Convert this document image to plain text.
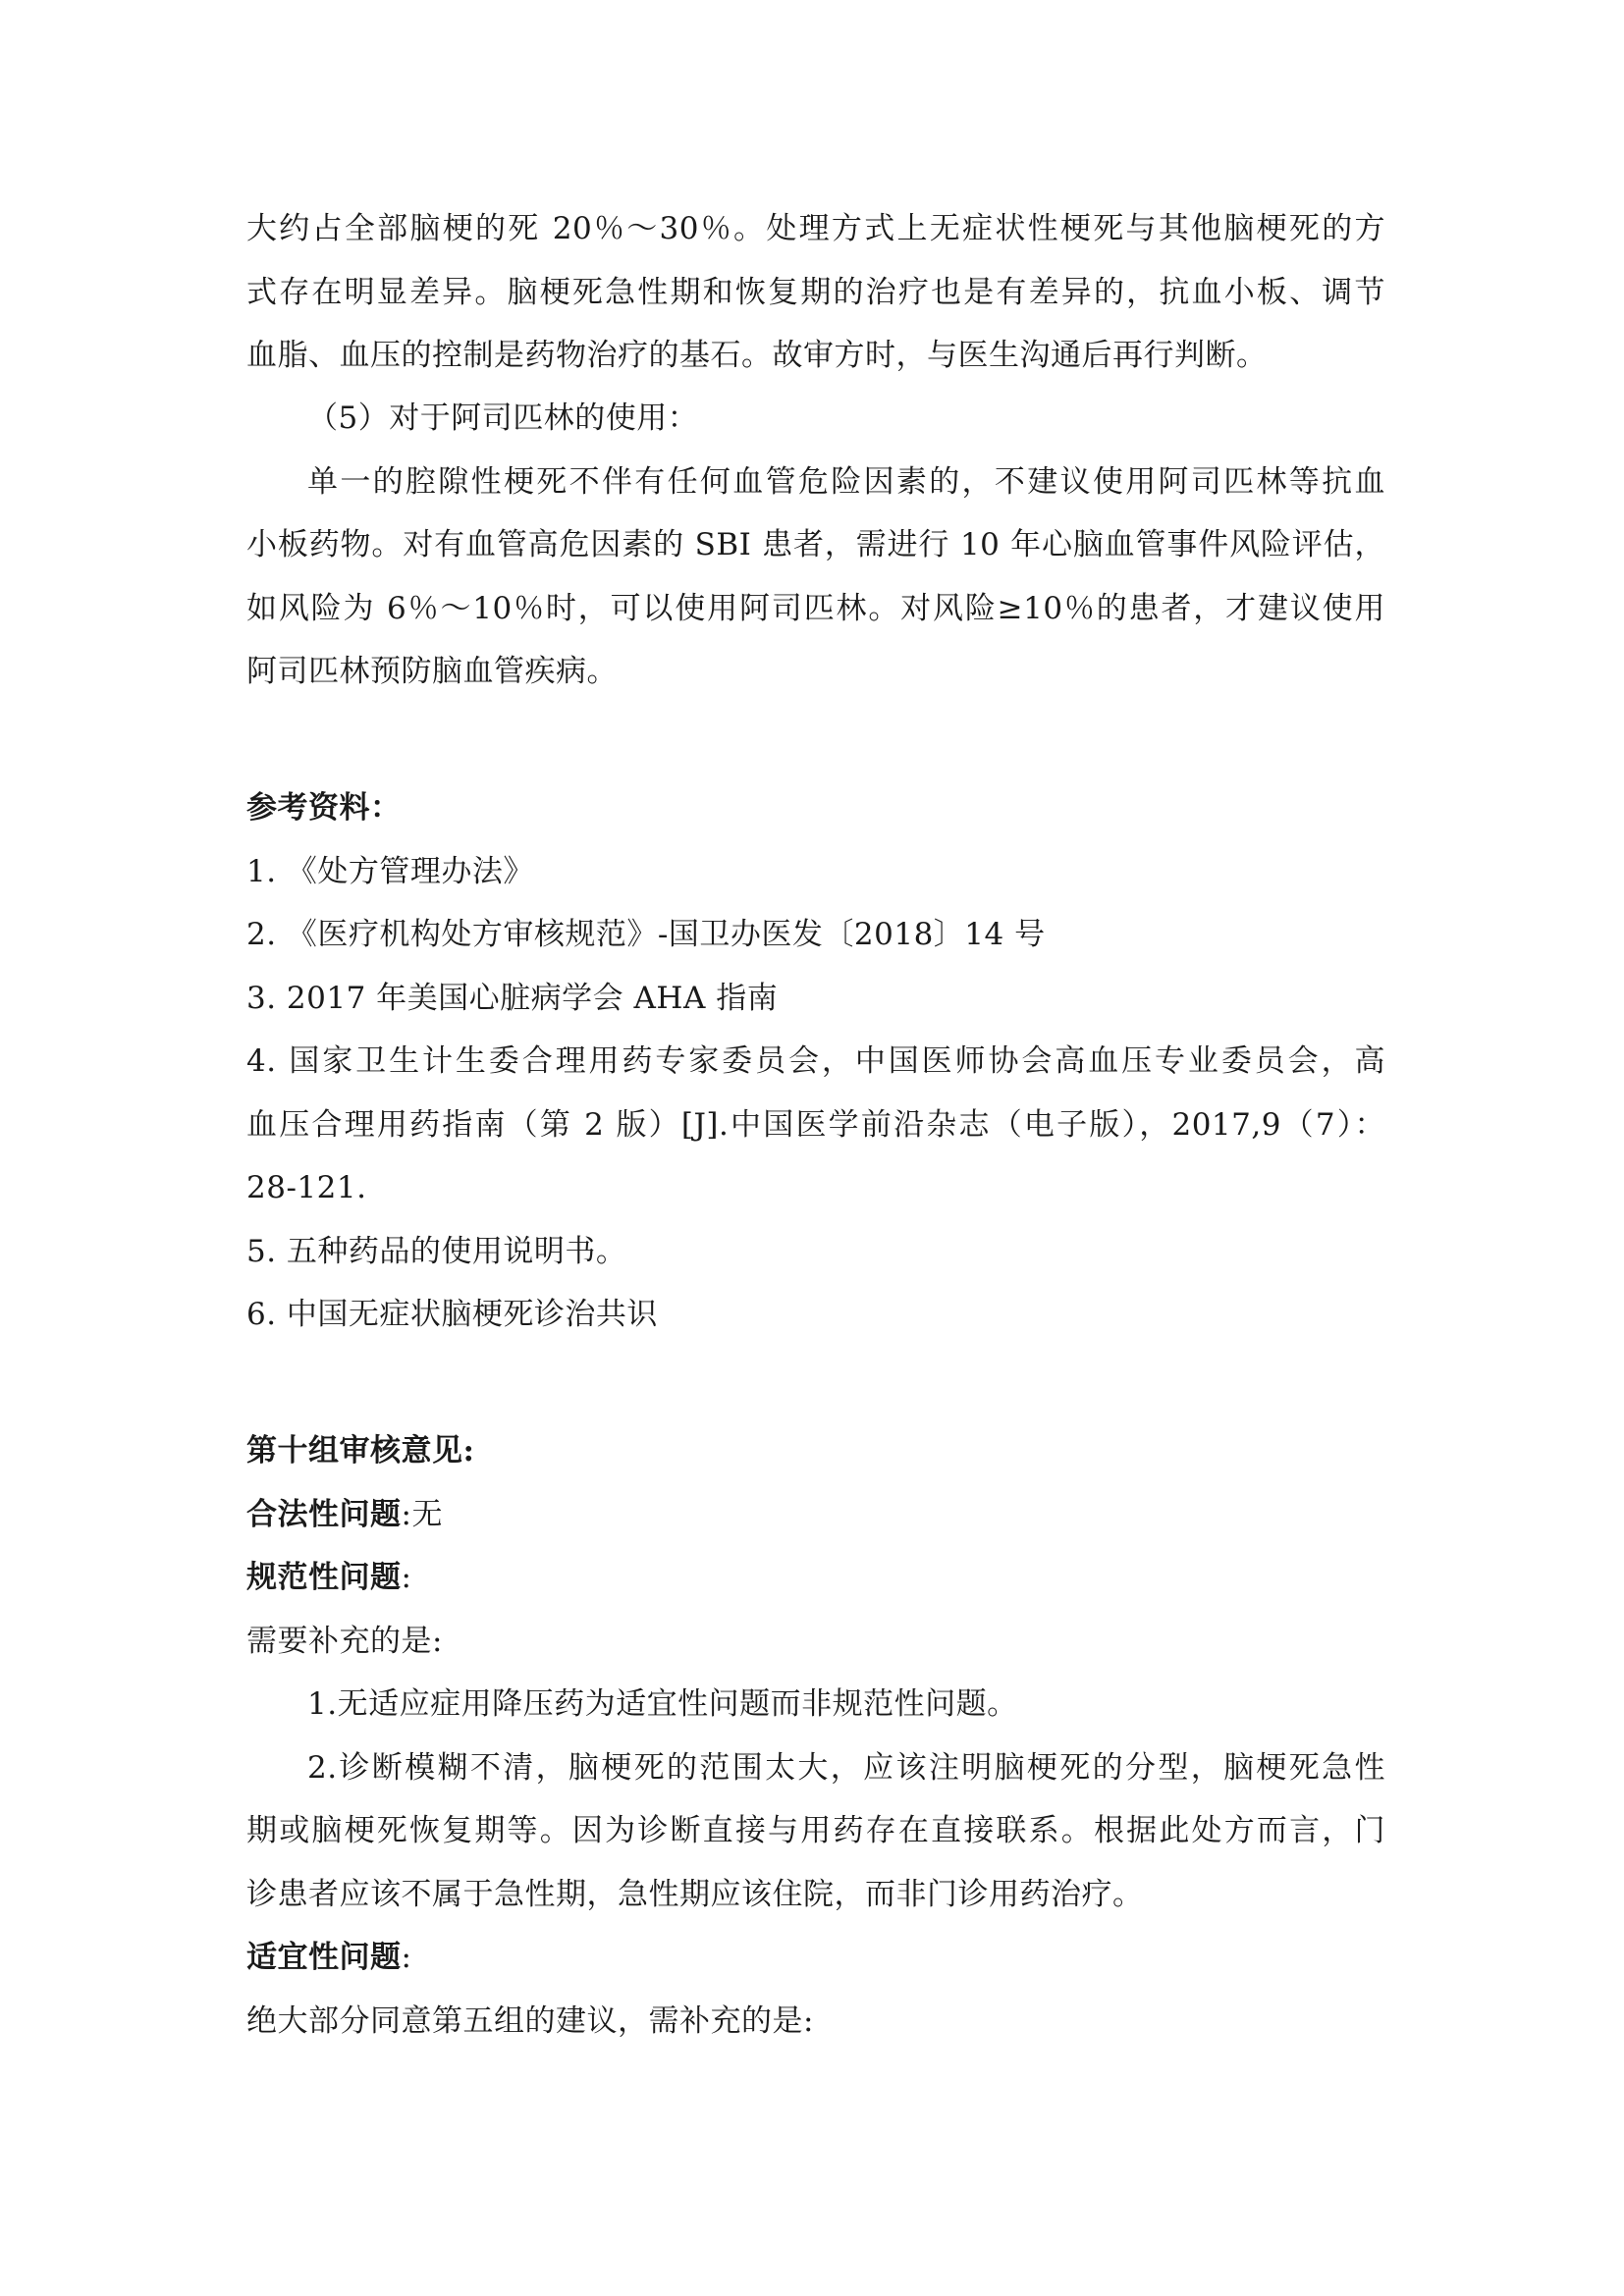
大约占全部脑梗的死 20％～30％。处理方式上无症状性梗死与其他脑梗死的方
式存在明显差异。脑梗死急性期和恢复期的治疗也是有差异的，抗血小板、调节
血脂、血压的控制是药物治疗的基石。故审方时，与医生沟通后再行判断。
（5）对于阿司匹林的使用：
单一的腔隙性梗死不伴有任何血管危险因素的，不建议使用阿司匹林等抗血
小板药物。对有血管高危因素的 SBI 患者，需进行 10 年心脑血管事件风险评估，
如风险为 6％～10％时，可以使用阿司匹林。对风险≥10％的患者，才建议使用
阿司匹林预防脑血管疾病。
参考资料：
1. 《处方管理办法》
2. 《医疗机构处方审核规范》-国卫办医发〔2018〕14 号
3. 2017 年美国心脏病学会 AHA 指南
4. 国家卫生计生委合理用药专家委员会，中国医师协会高血压专业委员会，高
血压合理用药指南（第 2 版）[J].中国医学前沿杂志（电子版），2017,9（7）：
28-121.
5. 五种药品的使用说明书。
6. 中国无症状脑梗死诊治共识
第十组审核意见:
合法性问题:无
规范性问题:
需要补充的是:
1.无适应症用降压药为适宜性问题而非规范性问题。
2.诊断模糊不清，脑梗死的范围太大，应该注明脑梗死的分型，脑梗死急性
期或脑梗死恢复期等。因为诊断直接与用药存在直接联系。根据此处方而言，门
诊患者应该不属于急性期，急性期应该住院，而非门诊用药治疗。
适宜性问题:
绝大部分同意第五组的建议，需补充的是:
